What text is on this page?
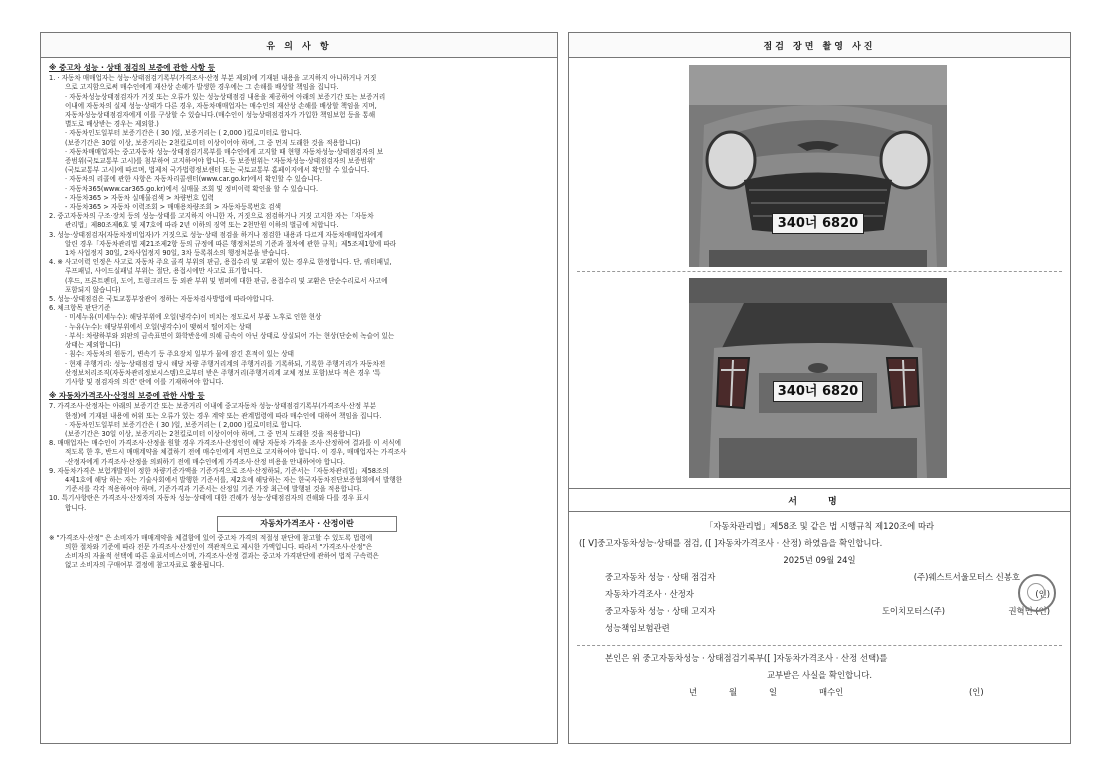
유 의 사 항
※ 중고차 성능 · 상태 점검의 보증에 관한 사항 등
1. · 자동차 매매업자는 성능·상태점검기록부(가격조사·산정 부분 제외)에 기재된 내용을 고지하지 아니하거나 거짓
으로 고지함으로써 매수인에게 재산상 손해가 발생한 경우에는 그 손해를 배상할 책임을 집니다.
· 자동차성능상태점검자가 거짓 또는 오류가 있는 성능상태점검 내용을 제공하여 아래의 보증기간 또는 보증거리
이내에 자동차의 실제 성능·상태가 다른 경우, 자동차매매업자는 매수인의 재산상 손해를 배상할 책임을 지며,
자동차성능상태점검자에게 이를 구상할 수 있습니다.(매수인이 성능상태점검자가 가입한 책임보험 등을 통해
별도로 배상받는 경우는 제외함.)
· 자동차인도일부터 보증기간은 ( 30 )일, 보증거리는 ( 2,000 )킬로미터로 합니다.
(보증기간은 30일 이상, 보증거리는 2천킬로미터 이상이어야 하며, 그 중 먼저 도래한 것을 적용합니다)
· 자동차매매업자는 중고자동차 성능·상태점검기록부를 매수인에게 고지할 때 현행 자동차성능·상태점검자의 보
증범위(국토교통부 고시)를 첨부하여 고지하여야 합니다. 등 보증범위는 '자동차성능·상태점검자의 보증범위'
(국토교통부 고시)에 따르며, 법제처 국가법령정보센터 또는 국토교통부 홈페이지에서 확인할 수 있습니다.
· 자동차의 리콜에 관한 사항은 자동차리콜센터(www.car.go.kr)에서 확인할 수 있습니다.
· 자동차365(www.car365.go.kr)에서 실매물 조회 및 정비이력 확인을 할 수 있습니다.
- 자동차365 > 자동차 실매물검색 > 차량번호 입력
- 자동차365 > 자동차 이력조회 > 매매용차량조회 > 자동차등록번호 검색
2. 중고자동차의 구조·장치 등의 성능·상태를 고지하지 아니한 자, 거짓으로 점검하거나 거짓 고지한 자는「자동차
관리법」제80조제6호 및 제7호에 따라 2년 이하의 징역 또는 2천만원 이하의 벌금에 처합니다.
3. 성능·상태점검자(자동차정비업자)가 거짓으로 성능·상태 점검을 하거나 점검한 내용과 다르게 자동차매매업자에게
알린 경우「자동차관리법 제21조제2항 등의 규정에 따른 행정처분의 기준과 절차에 관한 규칙」제5조제1항에 따라
1차 사업정지 30일, 2차사업정지 90일, 3차 등록취소의 행정처분을 받습니다.
4. ※ 사고이력 인정은 사고로 자동차 주요 골격 부위의 판금, 용접수리 및 교환이 있는 경우로 한정합니다. 단, 쿼터패널,
루프패널, 사이드실패널 부위는 절단, 용접시에만 사고로 표기합니다.
(후드, 프론트펜더, 도어, 트렁크리드 등 외관 부위 및 범퍼에 대한 판금, 용접수리 및 교환은 단순수리로서 사고에
포함되지 않습니다)
5. 성능·상태점검은 국토교통부장관이 정하는 자동차검사방법에 따라야합니다.
6. 체크항목 판단기준
· 미세누유(미세누수): 해당부위에 오일(냉각수)이 비치는 정도로서 부품 노후로 인한 현상
· 누유(누수): 해당부위에서 오일(냉각수)이 맺혀서 떨어지는 상태
· 부식: 차량하부와 외판의 금속표면이 화학반응에 의해 금속이 아닌 상태로 상실되어 가는 현상(단순히 녹슬어 있는
상태는 제외합니다)
· 침수: 자동차의 원동기, 변속기 등 주요장치 일부가 물에 잠긴 흔적이 있는 상태
· 현재 주행거리: 성능·상태점검 당시 해당 차량 주행거리계의 주행거리를 기록하되, 기록한 주행거리가 자동차전
산정보처리조직(자동차관리정보시스템)으로부터 받은 주행거리(주행거리계 교체 정보 포함)보다 적은 경우 '특
기사항 및 점검자의 의견' 란에 이를 기재하여야 합니다.
※ 자동차가격조사·산정의 보증에 관한 사항 등
7. 가격조사·산정자는 아래의 보증기간 또는 보증거리 이내에 중고자동차 성능·상태점검기록부(가격조사·산정 부분
한정)에 기재된 내용에 허위 또는 오류가 있는 경우 계약 또는 관계법령에 따라 매수인에 대하여 책임을 집니다.
· 자동차인도일부터 보증기간은 ( 30 )일, 보증거리는 ( 2,000 )킬로미터로 합니다.
(보증기간은 30일 이상, 보증거리는 2천킬로미터 이상이어야 하며, 그 중 먼저 도래한 것을 적용합니다)
8. 매매업자는 매수인이 가격조사·산정을 원할 경우 가격조사·산정인이 해당 자동차 가격을 조사·산정하여 결과를 이 서식에
적도록 한 후, 반드시 매매계약을 체결하기 전에 매수인에게 서면으로 고지하여야 합니다. 이 경우, 매매업자는 가격조사
·산정자에게 가격조사·산정을 의뢰하기 전에 매수인에게 가격조사·산정 비용을 안내하여야 합니다.
9. 자동차가격은 보험개발원이 정한 차량기준가액을 기준가격으로 조사·산정하되, 기준서는「자동차관리법」제58조의
4제1호에 해당 하는 자는 기술사회에서 발행한 기준서를, 제2호에 해당하는 자는 한국자동차진단보증협회에서 발행한
기준서를 각각 적용하여야 하며, 기준가격과 기준서는 산정일 기준 가장 최근에 발행된 것을 적용합니다.
10. 특기사항란은 가격조사·산정자의 자동차 성능·상태에 대한 견해가 성능·상태점검자의 견해와 다를 경우 표시
합니다.
자동차가격조사 · 산정이란
※ "가격조사·산정" 은 소비자가 매매계약을 체결함에 있어 중고차 가격의 적절성 판단에 참고할 수 있도록 법령에
의한 절차와 기준에 따라 전문 가격조사·산정인이 객관적으로 제시한 가액입니다. 따라서 "가격조사·산정"은
소비자의 자율적 선택에 따른 유료서비스이며, 가격조사·산정 결과는 중고차 가격판단에 관하여 법적 구속력은
없고 소비자의 구매여부 결정에 참고자료로 활용됩니다.
점검 장면 촬영 사진
340너 6820
340너 6820
서 명
「자동차관리법」제58조 및 같은 법 시행규칙 제120조에 따라
([ V]중고자동차성능·상태를 점검, ([ ]자동차가격조사 · 산정) 하였음을 확인합니다.
2025년 09월 24일
중고자동차 성능 · 상태 점검자	(주)웨스트서울모터스 신봉호
자동차가격조사 · 산정자	(인)
중고자동차 성능 · 상태 고지자	도이치모터스(주)	권혁민 (인)
성능책임보험관련
본인은 위 중고자동차성능 · 상태점검기록부([ ]자동차가격조사 · 산정 선택)를
교부받은 사실을 확인합니다.
년	월	일	매수인	(인)
